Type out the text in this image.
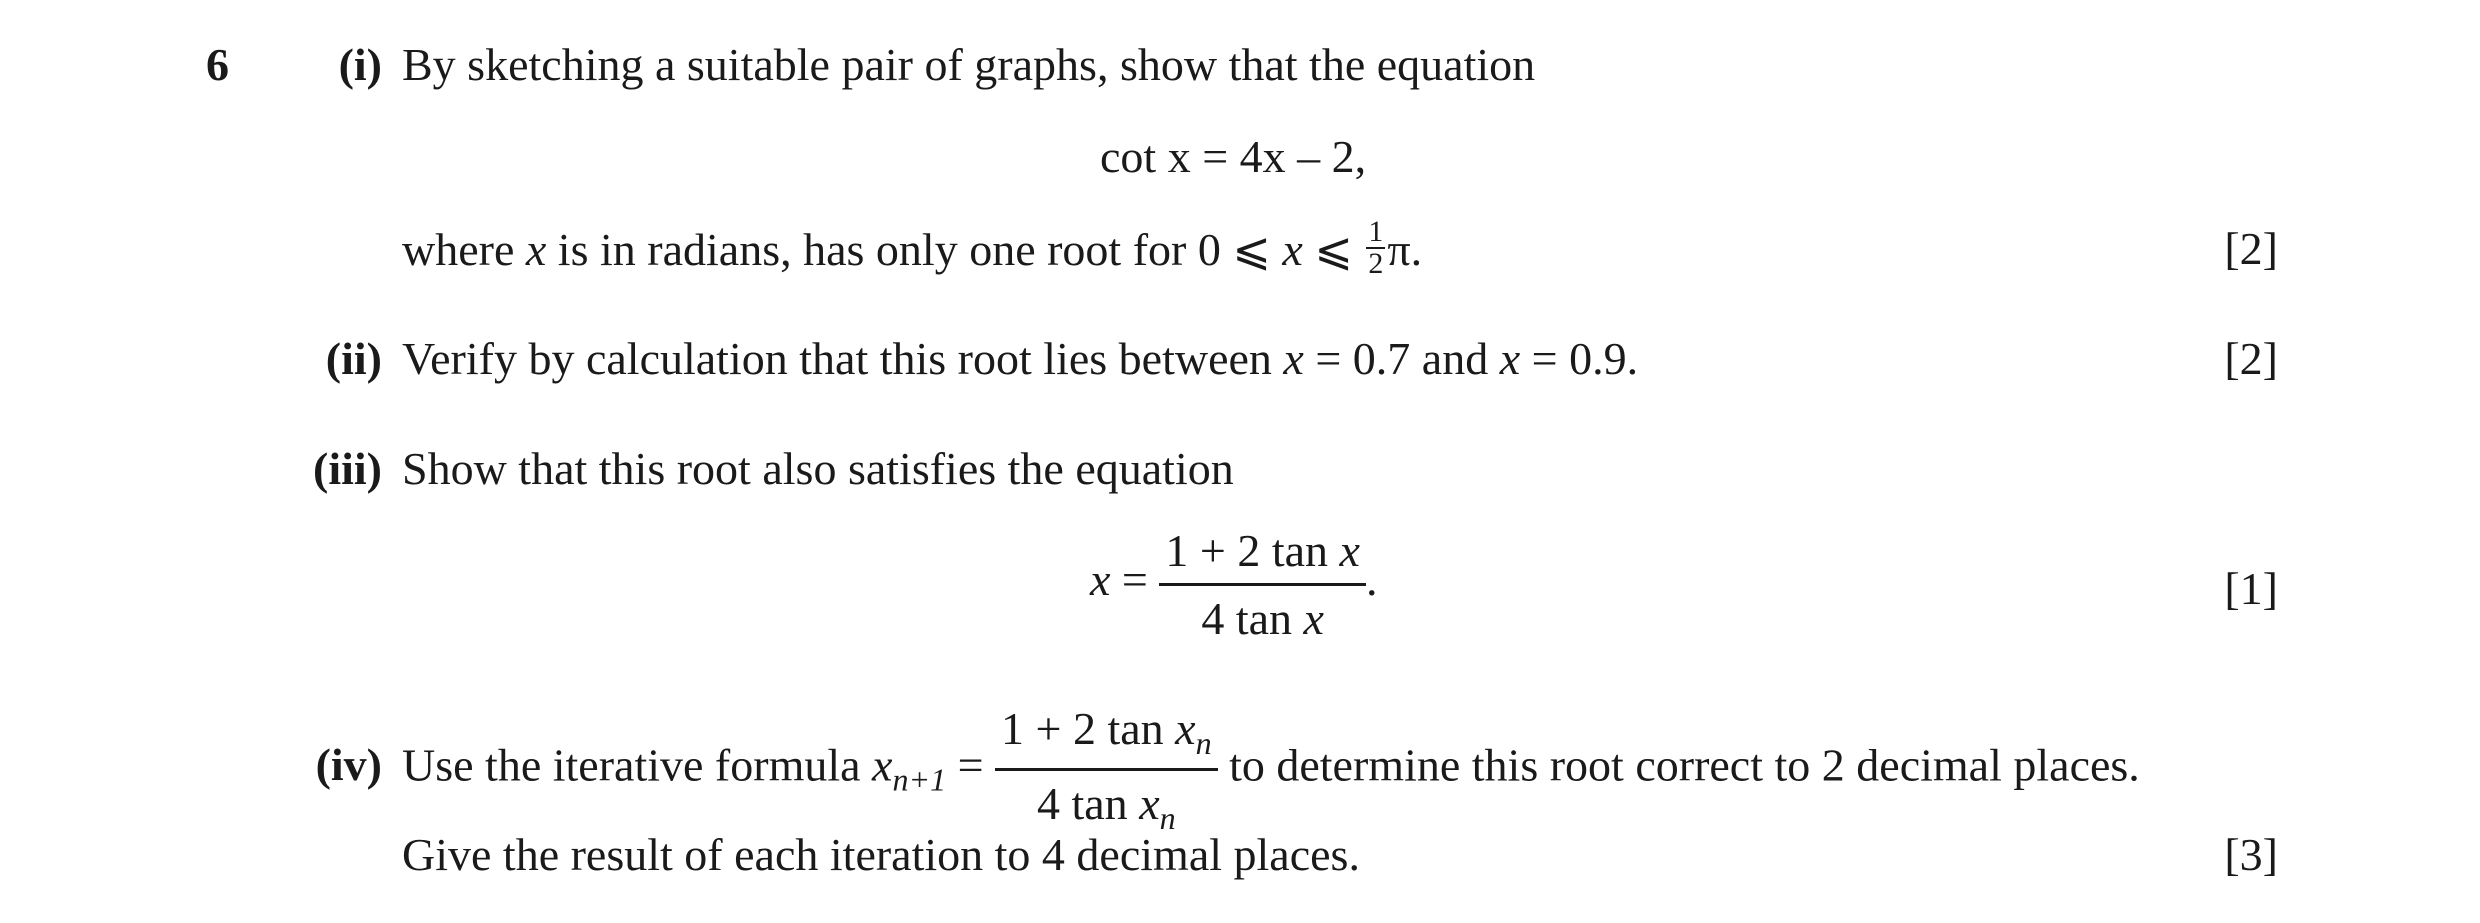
6	(i) By sketching a suitable pair of graphs, show that the equation
cot x = 4x – 2,
where x is in radians, has only one root for 0 ⩽ x ⩽ $\frac{1}{2} \pi$.	[2]
(ii) Verify by calculation that this root lies between x = 0.7 and x = 0.9.	[2]
(iii) Show that this root also satisfies the equation
$x = \frac{\text{1 + 2 tan x}}{\text{4 tan x}}$ .	[1]
(iv) Use the iterative formula $x_{n+1} = \frac{1 + 2 \tan x_n}{4 \tan x_n}$ to determine this root correct to 2 decimal places.
Give the result of each iteration to 4 decimal places.	[3]
